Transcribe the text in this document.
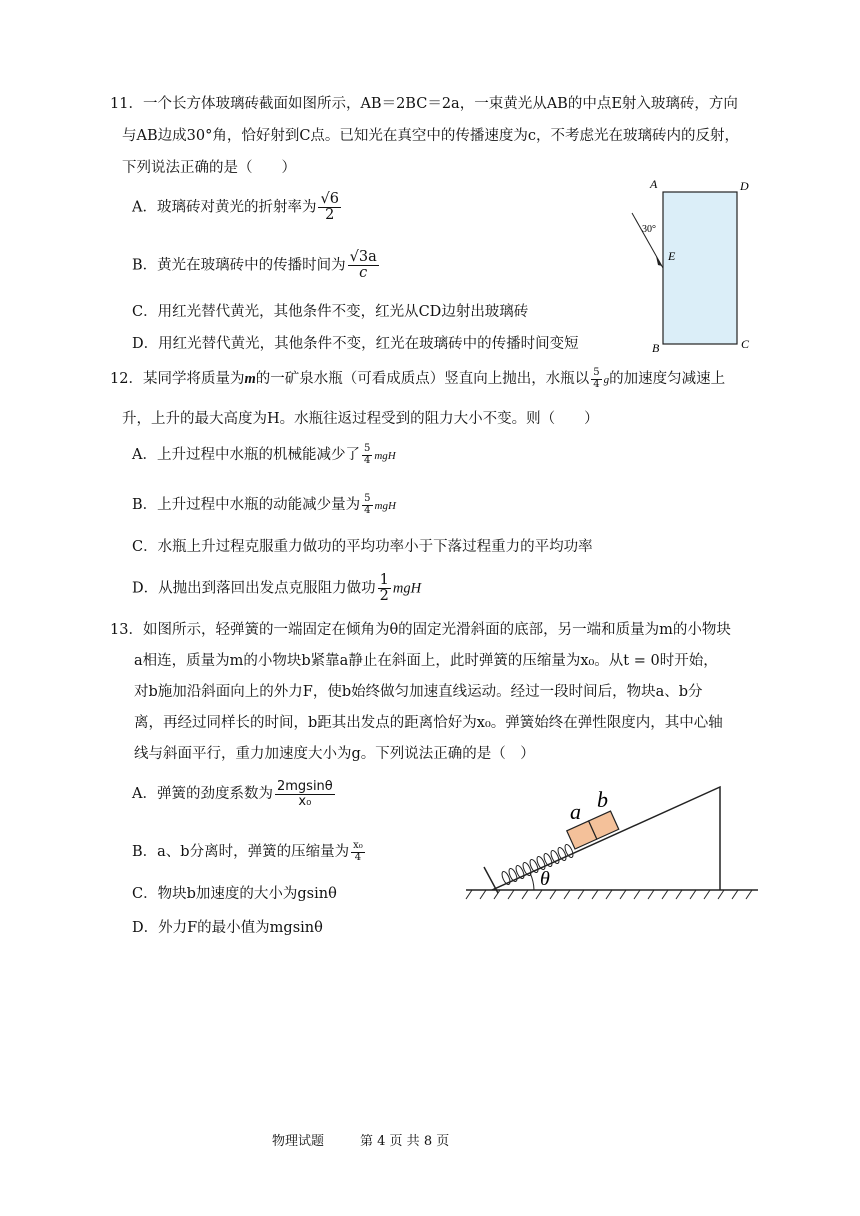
11．一个长方体玻璃砖截面如图所示，AB＝2BC＝2a，一束黄光从AB的中点E射入玻璃砖，方向
与AB边成30°角，恰好射到C点。已知光在真空中的传播速度为c，不考虑光在玻璃砖内的反射，
下列说法正确的是（　　）
A．玻璃砖对黄光的折射率为 $\frac{√6}{2}$
B．黄光在玻璃砖中的传播时间为 $\frac{√3a}{c}$
C．用红光替代黄光，其他条件不变，红光从CD边射出玻璃砖
D．用红光替代黄光，其他条件不变，红光在玻璃砖中的传播时间变短
A	D
B	C
E
30°
12．某同学将质量为m的一矿泉水瓶（可看成质点）竖直向上抛出，水瓶以 $\frac{5}{4}$ g的加速度匀减速上
升，上升的最大高度为H。水瓶往返过程受到的阻力大小不变。则（　　）
A．上升过程中水瓶的机械能减少了 $\frac{5}{4}$ mgH
B．上升过程中水瓶的动能减少量为 $\frac{5}{4}$ mgH
C．水瓶上升过程克服重力做功的平均功率小于下落过程重力的平均功率
D．从抛出到落回出发点克服阻力做功 $\frac{1}{2}$ mgH
13．如图所示，轻弹簧的一端固定在倾角为θ的固定光滑斜面的底部，另一端和质量为m的小物块
a相连，质量为m的小物块b紧靠a静止在斜面上，此时弹簧的压缩量为x₀。从t = 0时开始，
对b施加沿斜面向上的外力F，使b始终做匀加速直线运动。经过一段时间后，物块a、b分
离，再经过同样长的时间，b距其出发点的距离恰好为x₀。弹簧始终在弹性限度内，其中心轴
线与斜面平行，重力加速度大小为g。下列说法正确的是（　）
A．弹簧的劲度系数为 $\frac{2mgsin\theta}{\text{x₀}}$
B．a、b分离时，弹簧的压缩量为 $\frac{\text{x₀}}{4}$
C．物块b加速度的大小为gsinθ
D．外力F的最小值为mgsinθ
a b
θ
物理试题	第 4 页 共 8 页
